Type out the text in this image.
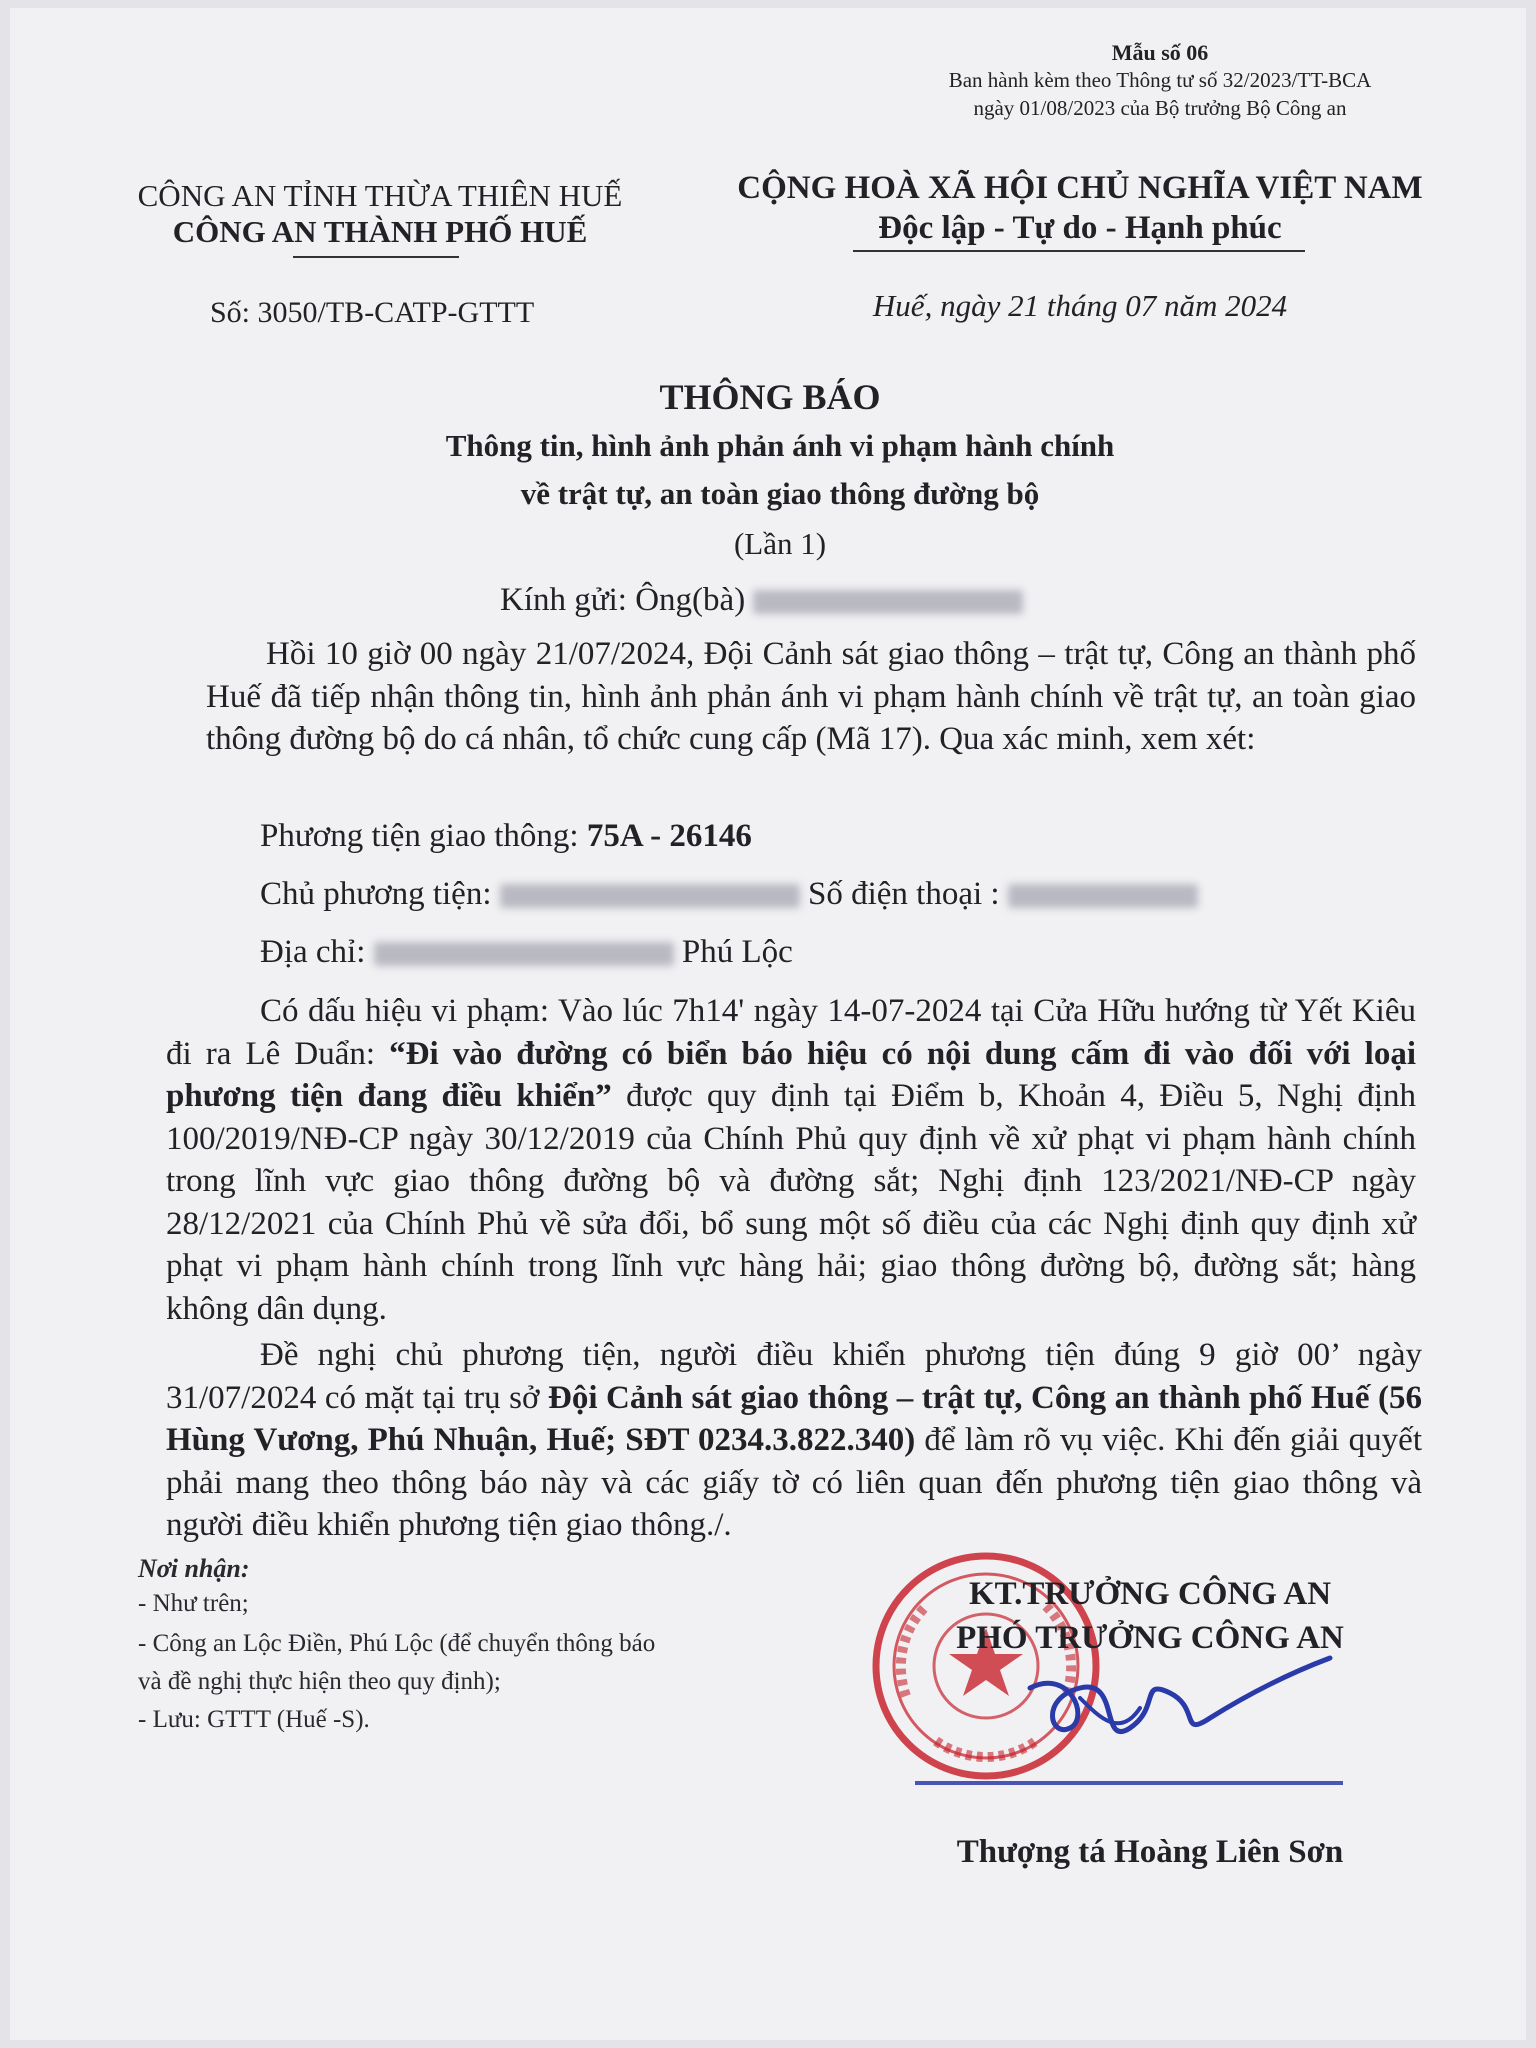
Mẫu số 06
Ban hành kèm theo Thông tư số 32/2023/TT-BCA
ngày 01/08/2023 của Bộ trưởng Bộ Công an
CÔNG AN TỈNH THỪA THIÊN HUẾ
CÔNG AN THÀNH PHỐ HUẾ
Số: 3050/TB-CATP-GTTT
CỘNG HOÀ XÃ HỘI CHỦ NGHĨA VIỆT NAM
Độc lập - Tự do - Hạnh phúc
Huế, ngày 21 tháng 07 năm 2024
THÔNG BÁO
Thông tin, hình ảnh phản ánh vi phạm hành chính
về trật tự, an toàn giao thông đường bộ
(Lần 1)
Kính gửi: Ông(bà)
Hồi 10 giờ 00 ngày 21/07/2024, Đội Cảnh sát giao thông – trật tự, Công an thành phố Huế đã tiếp nhận thông tin, hình ảnh phản ánh vi phạm hành chính về trật tự, an toàn giao thông đường bộ do cá nhân, tổ chức cung cấp (Mã 17). Qua xác minh, xem xét:
Phương tiện giao thông: 75A - 26146
Chủ phương tiện:	Số điện thoại :
Địa chỉ:	Phú Lộc
Có dấu hiệu vi phạm: Vào lúc 7h14' ngày 14-07-2024 tại Cửa Hữu hướng từ Yết Kiêu đi ra Lê Duẩn: “Đi vào đường có biển báo hiệu có nội dung cấm đi vào đối với loại phương tiện đang điều khiển” được quy định tại Điểm b, Khoản 4, Điều 5, Nghị định 100/2019/NĐ-CP ngày 30/12/2019 của Chính Phủ quy định về xử phạt vi phạm hành chính trong lĩnh vực giao thông đường bộ và đường sắt; Nghị định 123/2021/NĐ-CP ngày 28/12/2021 của Chính Phủ về sửa đổi, bổ sung một số điều của các Nghị định quy định xử phạt vi phạm hành chính trong lĩnh vực hàng hải; giao thông đường bộ, đường sắt; hàng không dân dụng.
Đề nghị chủ phương tiện, người điều khiển phương tiện đúng 9 giờ 00’ ngày 31/07/2024 có mặt tại trụ sở Đội Cảnh sát giao thông – trật tự, Công an thành phố Huế (56 Hùng Vương, Phú Nhuận, Huế; SĐT 0234.3.822.340) để làm rõ vụ việc. Khi đến giải quyết phải mang theo thông báo này và các giấy tờ có liên quan đến phương tiện giao thông và người điều khiển phương tiện giao thông./.
Nơi nhận:
- Như trên;
- Công an Lộc Điền, Phú Lộc (để chuyển thông báo
và đề nghị thực hiện theo quy định);
- Lưu: GTTT (Huế -S).
KT.TRƯỞNG CÔNG AN
PHÓ TRƯỞNG CÔNG AN
Thượng tá Hoàng Liên Sơn
